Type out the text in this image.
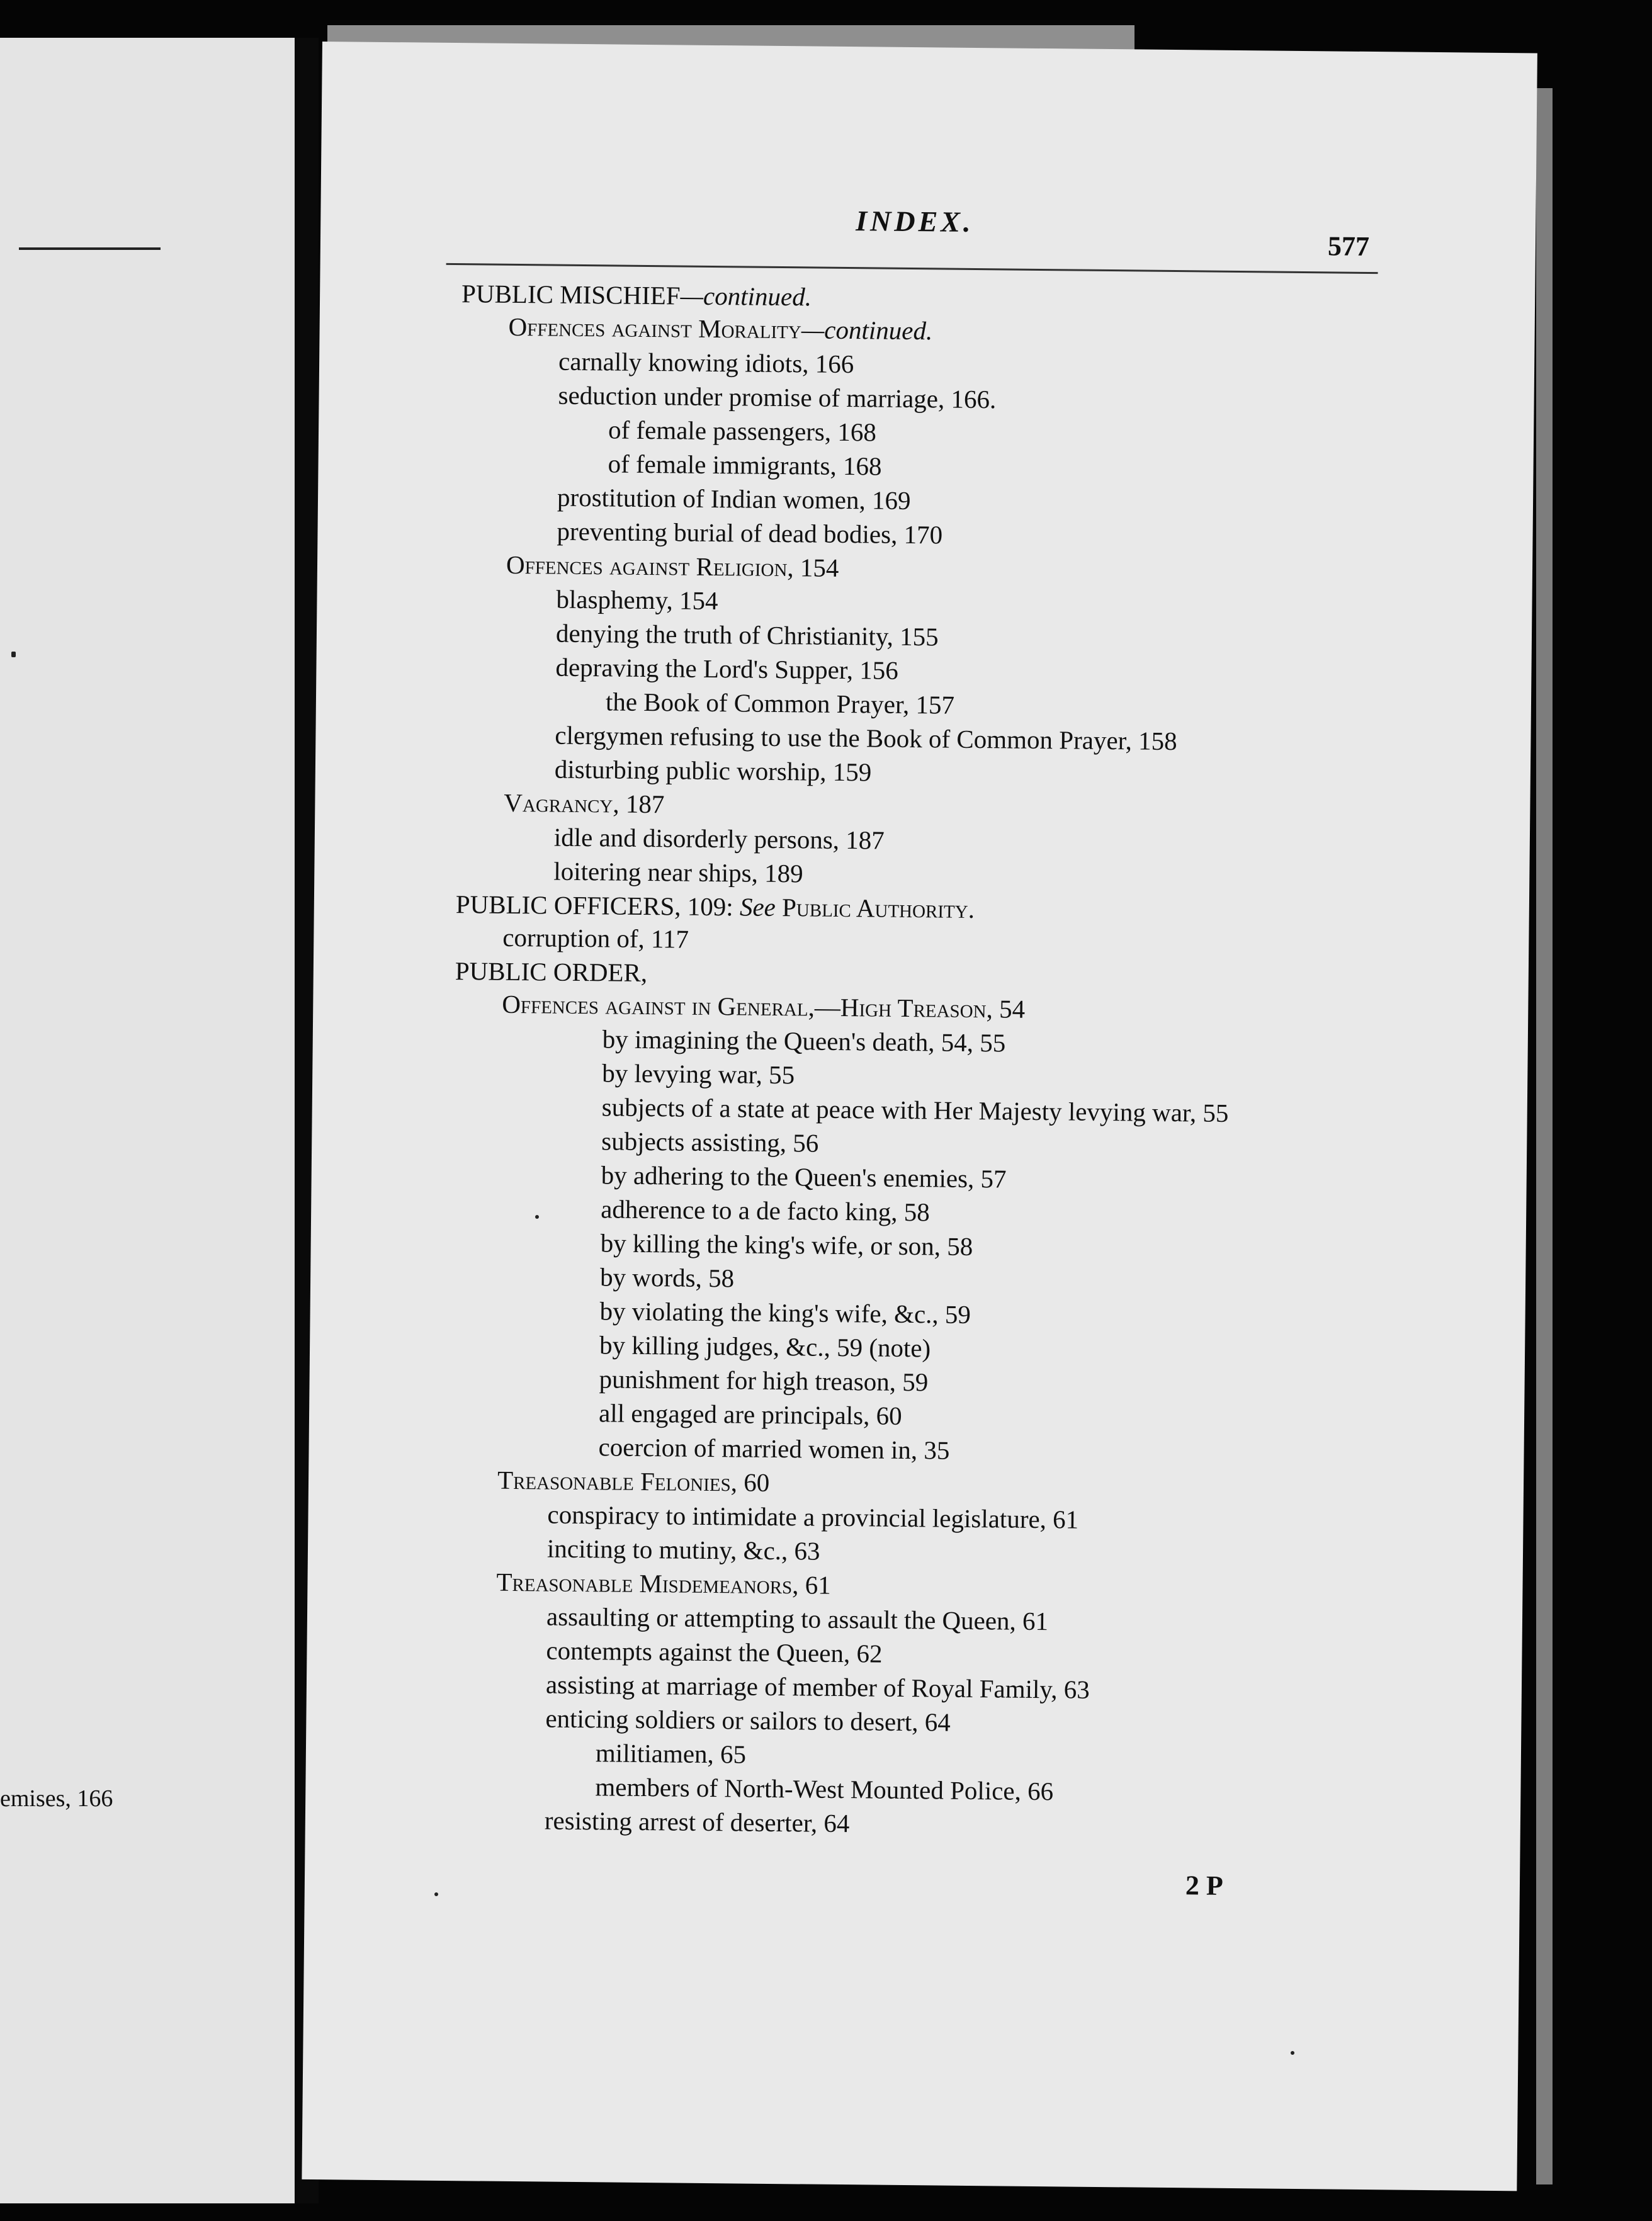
emises, 166
INDEX.
577
PUBLIC MISCHIEF—continued.
Offences against Morality—continued.
carnally knowing idiots, 166
seduction under promise of marriage, 166.
of female passengers, 168
of female immigrants, 168
prostitution of Indian women, 169
preventing burial of dead bodies, 170
Offences against Religion, 154
blasphemy, 154
denying the truth of Christianity, 155
depraving the Lord's Supper, 156
the Book of Common Prayer, 157
clergymen refusing to use the Book of Common Prayer, 158
disturbing public worship, 159
Vagrancy, 187
idle and disorderly persons, 187
loitering near ships, 189
PUBLIC OFFICERS, 109: See Public Authority.
corruption of, 117
PUBLIC ORDER,
Offences against in General,—High Treason, 54
by imagining the Queen's death, 54, 55
by levying war, 55
subjects of a state at peace with Her Majesty levying war, 55
subjects assisting, 56
by adhering to the Queen's enemies, 57
adherence to a de facto king, 58
by killing the king's wife, or son, 58
by words, 58
by violating the king's wife, &c., 59
by killing judges, &c., 59 (note)
punishment for high treason, 59
all engaged are principals, 60
coercion of married women in, 35
Treasonable Felonies, 60
conspiracy to intimidate a provincial legislature, 61
inciting to mutiny, &c., 63
Treasonable Misdemeanors, 61
assaulting or attempting to assault the Queen, 61
contempts against the Queen, 62
assisting at marriage of member of Royal Family, 63
enticing soldiers or sailors to desert, 64
militiamen, 65
members of North-West Mounted Police, 66
resisting arrest of deserter, 64
2 P
